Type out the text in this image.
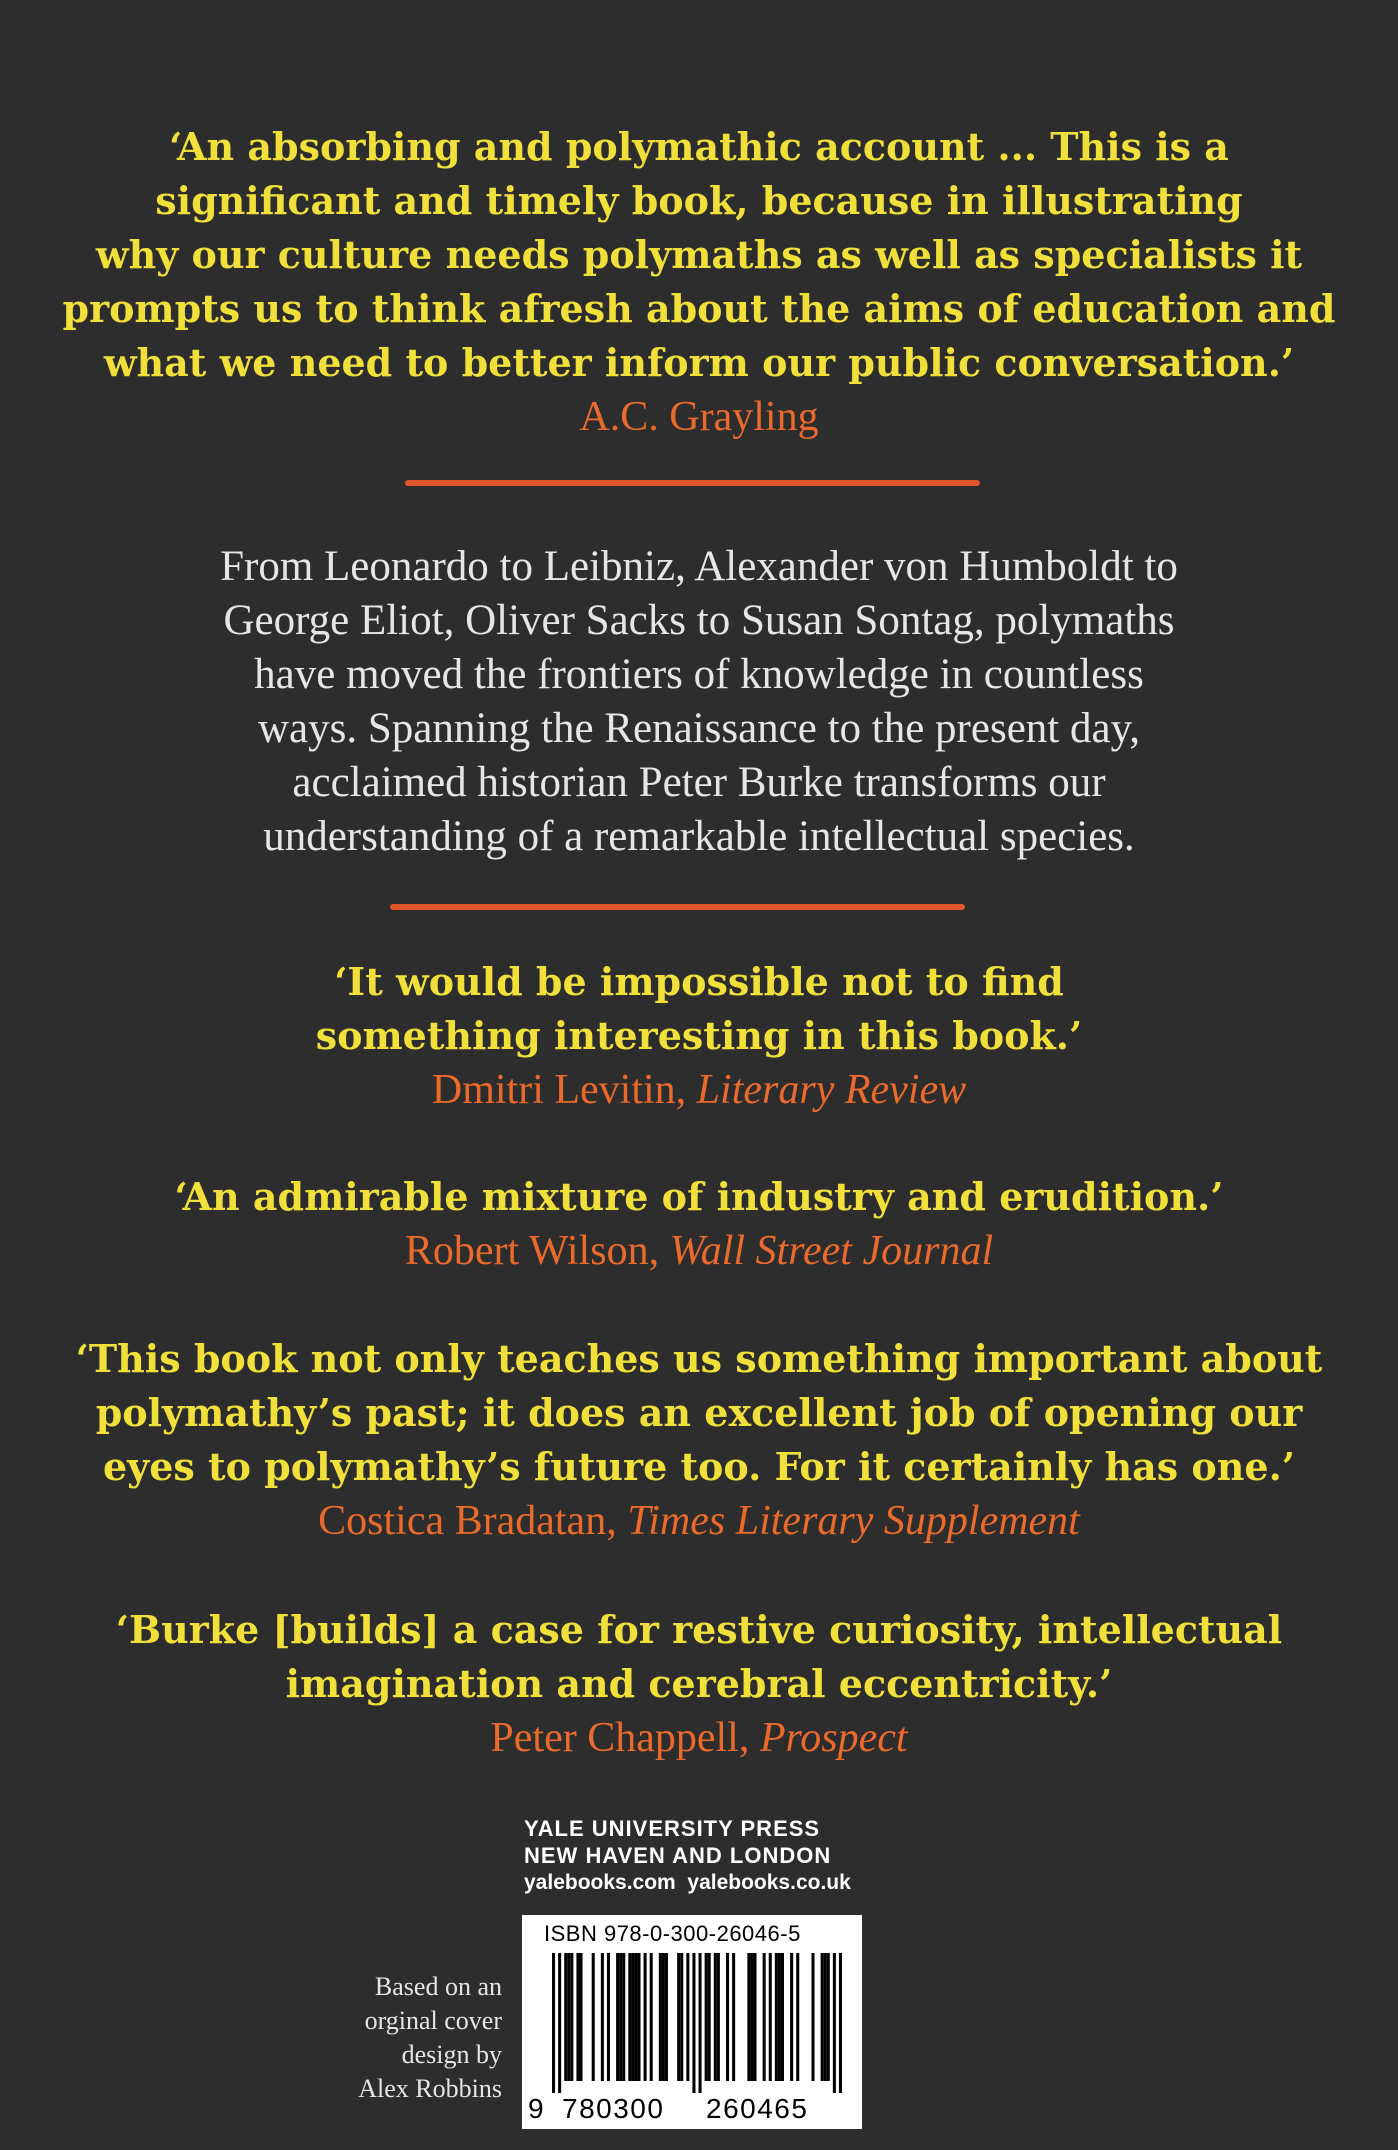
‘An absorbing and polymathic account ... This is a
significant and timely book, because in illustrating
why our culture needs polymaths as well as specialists it
prompts us to think afresh about the aims of education and
what we need to better inform our public conversation.’
A.C. Grayling
From Leonardo to Leibniz, Alexander von Humboldt to
George Eliot, Oliver Sacks to Susan Sontag, polymaths
have moved the frontiers of knowledge in countless
ways. Spanning the Renaissance to the present day,
acclaimed historian Peter Burke transforms our
understanding of a remarkable intellectual species.
‘It would be impossible not to find
something interesting in this book.’
Dmitri Levitin, Literary Review
‘An admirable mixture of industry and erudition.’
Robert Wilson, Wall Street Journal
‘This book not only teaches us something important about
polymathy’s past; it does an excellent job of opening our
eyes to polymathy’s future too. For it certainly has one.’
Costica Bradatan, Times Literary Supplement
‘Burke [builds] a case for restive curiosity, intellectual
imagination and cerebral eccentricity.’
Peter Chappell, Prospect
YALE UNIVERSITY PRESS
NEW HAVEN AND LONDON
yalebooks.com  yalebooks.co.uk
Based on an
orginal cover
design by
Alex Robbins
ISBN 978-0-300-26046-5
9 780300 260465
